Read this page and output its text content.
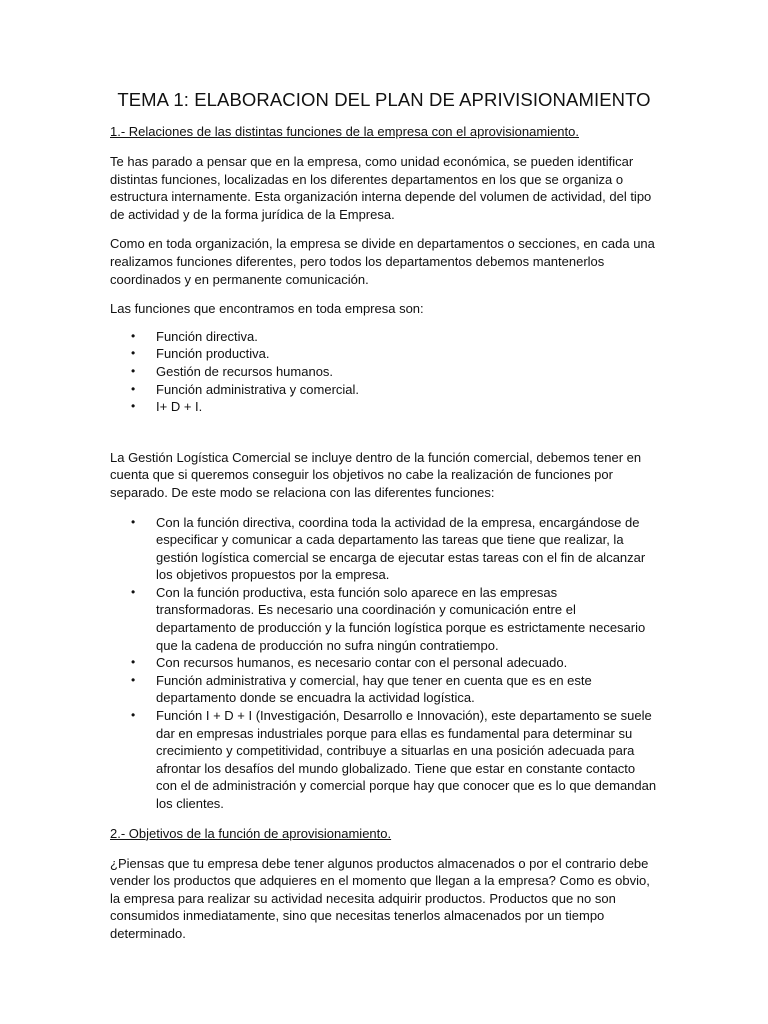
TEMA 1: ELABORACION DEL PLAN DE APRIVISIONAMIENTO
1.- Relaciones de las distintas funciones de la empresa con el aprovisionamiento.

Te has parado a pensar que en la empresa, como unidad económica, se pueden identificar distintas funciones, localizadas en los diferentes departamentos en los que se organiza o estructura internamente. Esta organización interna depende del volumen de actividad, del tipo de actividad y de la forma jurídica de la Empresa.

Como en toda organización, la empresa se divide en departamentos o secciones, en cada una realizamos funciones diferentes, pero todos los departamentos debemos mantenerlos coordinados y en permanente comunicación.

Las funciones que encontramos en toda empresa son:

• Función directiva.
• Función productiva.
• Gestión de recursos humanos.
• Función administrativa y comercial.
• I+ D + I.

La Gestión Logística Comercial se incluye dentro de la función comercial, debemos tener en cuenta que si queremos conseguir los objetivos no cabe la realización de funciones por separado. De este modo se relaciona con las diferentes funciones:

• Con la función directiva, coordina toda la actividad de la empresa, encargándose de especificar y comunicar a cada departamento las tareas que tiene que realizar, la gestión logística comercial se encarga de ejecutar estas tareas con el fin de alcanzar los objetivos propuestos por la empresa.
• Con la función productiva, esta función solo aparece en las empresas transformadoras. Es necesario una coordinación y comunicación entre el departamento de producción y la función logística porque es estrictamente necesario que la cadena de producción no sufra ningún contratiempo.
• Con recursos humanos, es necesario contar con el personal adecuado.
• Función administrativa y comercial, hay que tener en cuenta que es en este departamento donde se encuadra la actividad logística.
• Función I + D + I (Investigación, Desarrollo e Innovación), este departamento se suele dar en empresas industriales porque para ellas es fundamental para determinar su crecimiento y competitividad, contribuye a situarlas en una posición adecuada para afrontar los desafíos del mundo globalizado. Tiene que estar en constante contacto con el de administración y comercial porque hay que conocer que es lo que demandan los clientes.
2.- Objetivos de la función de aprovisionamiento.

¿Piensas que tu empresa debe tener algunos productos almacenados o por el contrario debe vender los productos que adquieres en el momento que llegan a la empresa? Como es obvio, la empresa para realizar su actividad necesita adquirir productos. Productos que no son consumidos inmediatamente, sino que necesitas tenerlos almacenados por un tiempo determinado.
